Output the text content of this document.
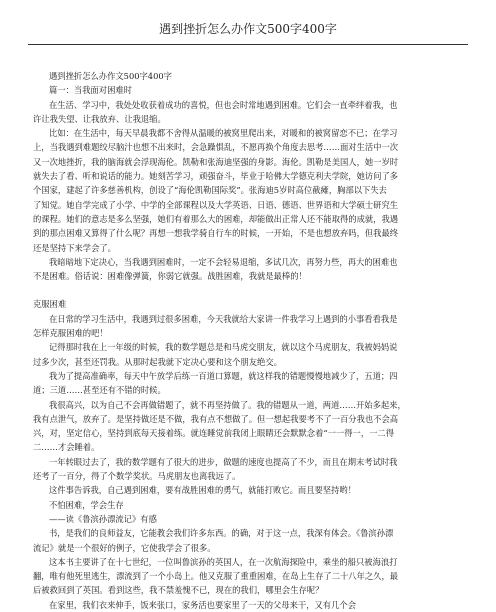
遇到挫折怎么办作文500字400字
遇到挫折怎么办作文500字400字
篇一：当我面对困难时
在生活、学习中，我处处收获着成功的喜悦，但也会时常地遇到困难。它们会一直牵绊着我，也
许让我失望、让我放弃、让我退缩。
比如：在生活中，每天早晨我都不舍得从温暖的被窝里爬出来，对暖和的被窝留恋不已；在学习
上，当我遇到难题绞尽脑汁也想不出来时，会急躁惧乱，不愿再换个角度去思考……面对生活中一次
又一次地挫折，我的脑海就会浮现海伦。凯勒和张海迪坚强的身影。海伦。凯勒是美国人，她一岁时
就失去了看、听和说话的能力。她刻苦学习，顽强奋斗，毕业于哈佛大学德克利夫学院，她访问了多
个国家，建起了许多慈善机构，创设了“海伦凯勒国际奖”。张海迪5岁时高位截瘫，胸部以下失去
了知觉。她自学完成了小学、中学的全部课程以及大学英语、日语、德语、世界语和大学硕士研究生
的课程。她们的意志是多么坚强，她们有着那么大的困难，却能做出正常人还不能取得的成就，我遇
到的那点困难又算得了什么呢？再想一想我学骑自行车的时候，一开始，不是也想放弃吗，但我最终
还是坚持下来学会了。
我暗暗地下定决心，当我遇到困难时，一定不会轻易退缩，多试几次，再努力些，再大的困难也
不是困难。俗话说：困难像弹簧，你弱它就强。战胜困难，我就是最棒的！
克服困难
在日常的学习生活中，我遇到过很多困难，今天我就给大家讲一件我学习上遇到的小事看看我是
怎样克服困难的吧！
记得那时我在上一年级的时候，我的数学题总是和马虎交朋友，就以这个马虎朋友，我被妈妈说
过多少次，甚至还罚我。从那时起我就下定决心要和这个朋友绝交。
我为了提高准确率，每天中午放学后练一百道口算题，就这样我的错题慢慢地减少了，五道；四
道；三道……甚至还有不错的时候。
我很高兴，以为自己不会再做错题了，就不再坚持做了。我的错题从一道，两道……开始多起来，
我有点泄气，放弃了。是坚持做还是不做，我有点不想做了。但一想起我要考不了一百分我也不会高
兴，对，坚定信心，坚持到底每天接着练。就连睡觉前我闭上眼睛还会默默念着“一一得一，一二得
二……才会睡着。
一年转眼过去了，我的数学题有了很大的进步，做题的速度也提高了不少，而且在期末考试时我
还考了一百分，得了个数学奖状。马虎朋友也离我远了。
这件事告诉我，自己遇到困难，要有战胜困难的勇气，就能打败它。而且要坚持哟！
不怕困难，学会生存
——读《鲁滨孙漂流记》有感
书，是我们的良师益友，它能教会我们许多东西。的确，对于这一点，我深有体会。《鲁滨孙漂
流记》就是一个很好的例子，它使我学会了很多。
这本书主要讲了在十七世纪，一位叫鲁滨孙的英国人，在一次航海探险中，乘坐的船只被海浪打
翻，唯有他死里逃生，漂流到了一个小岛上。他又克服了重重困难，在岛上生存了二十八年之久，最
后被救回到了英国。看到这些，我不禁羞愧不已，现在的我们，哪里会生存呢？
在家里，我们衣来伸手，饭来张口，家务活也要家里了一天的父母来干，又有几个会
